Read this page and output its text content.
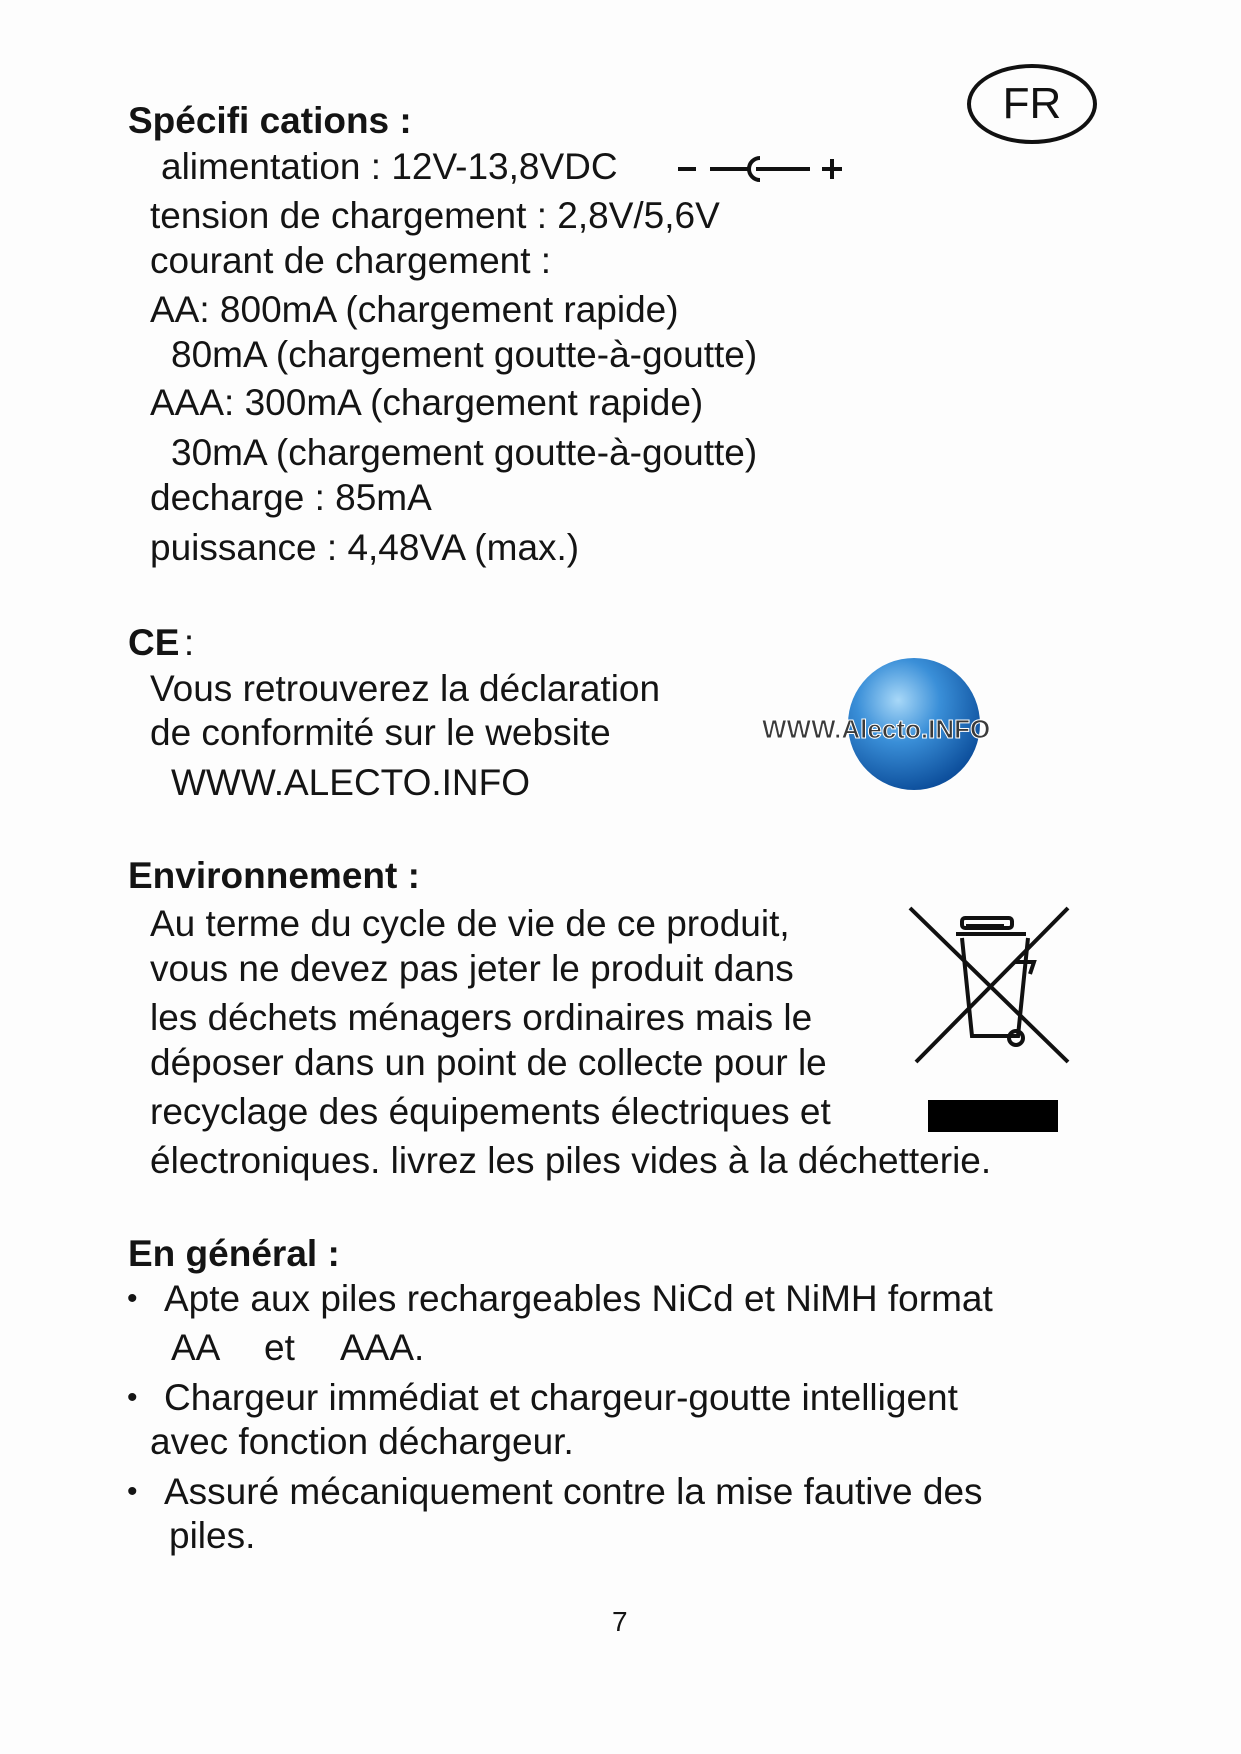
FR
Spécifi cations :
alimentation : 12V-13,8VDC
tension de chargement : 2,8V/5,6V
courant de chargement :
AA: 800mA (chargement rapide)
80mA (chargement goutte-à-goutte)
AAA: 300mA (chargement rapide)
30mA (chargement goutte-à-goutte)
decharge : 85mA
puissance : 4,48VA (max.)
CE :
Vous retrouverez la déclaration
de conformité sur le website
WWW.ALECTO.INFO
WWW.Alecto.INFO
Environnement :
Au terme du cycle de vie de ce produit,
vous ne devez pas jeter le produit dans
les déchets ménagers ordinaires mais le
déposer dans un point de collecte pour le
recyclage des équipements électriques et
électroniques. livrez les piles vides à la déchetterie.
En général :
• Apte aux piles rechargeables NiCd et NiMH format
AA et AAA.
• Chargeur immédiat et chargeur-goutte intelligent
avec fonction déchargeur.
• Assuré mécaniquement contre la mise fautive des
piles.
7
